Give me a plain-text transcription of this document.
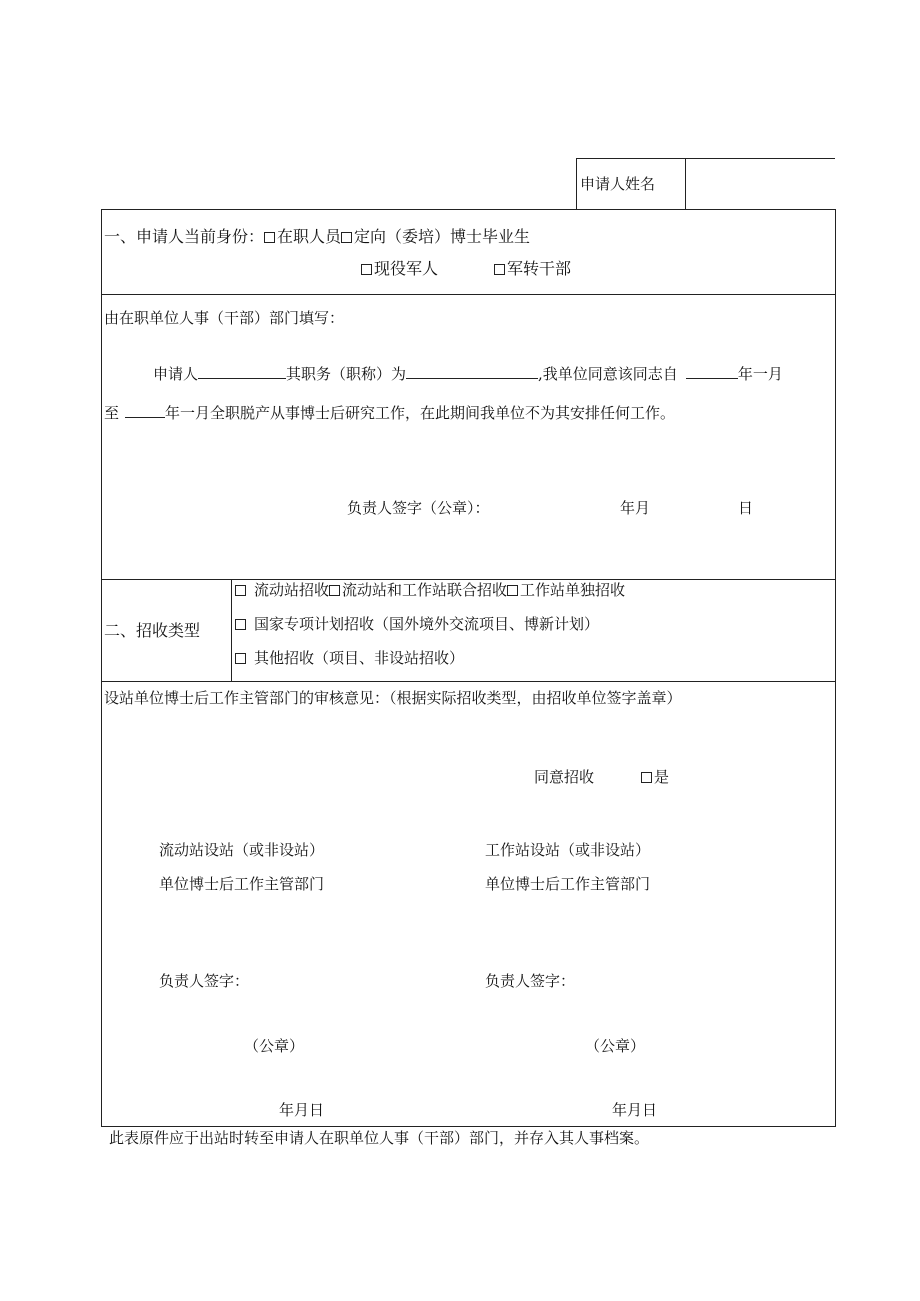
申请人姓名
一、申请人当前身份： 在职人员 定向（委培）博士毕业生
现役军人	军转干部
由在职单位人事（干部）部门填写：
申请人	其职务（职称）为	,我单位同意该同志自	年一月
至	年一月全职脱产从事博士后研究工作，在此期间我单位不为其安排任何工作。
负责人签字（公章）：	年月	日
二、招收类型
流动站招收 流动站和工作站联合招收 工作站单独招收
国家专项计划招收（国外境外交流项目、博新计划）
其他招收（项目、非设站招收）
设站单位博士后工作主管部门的审核意见：（根据实际招收类型，由招收单位签字盖章）
同意招收	是
流动站设站（或非设站）
单位博士后工作主管部门
负责人签字：
（公章）
年月日
工作站设站（或非设站）
单位博士后工作主管部门
负责人签字：
（公章）
年月日
此表原件应于出站时转至申请人在职单位人事（干部）部门，并存入其人事档案。
